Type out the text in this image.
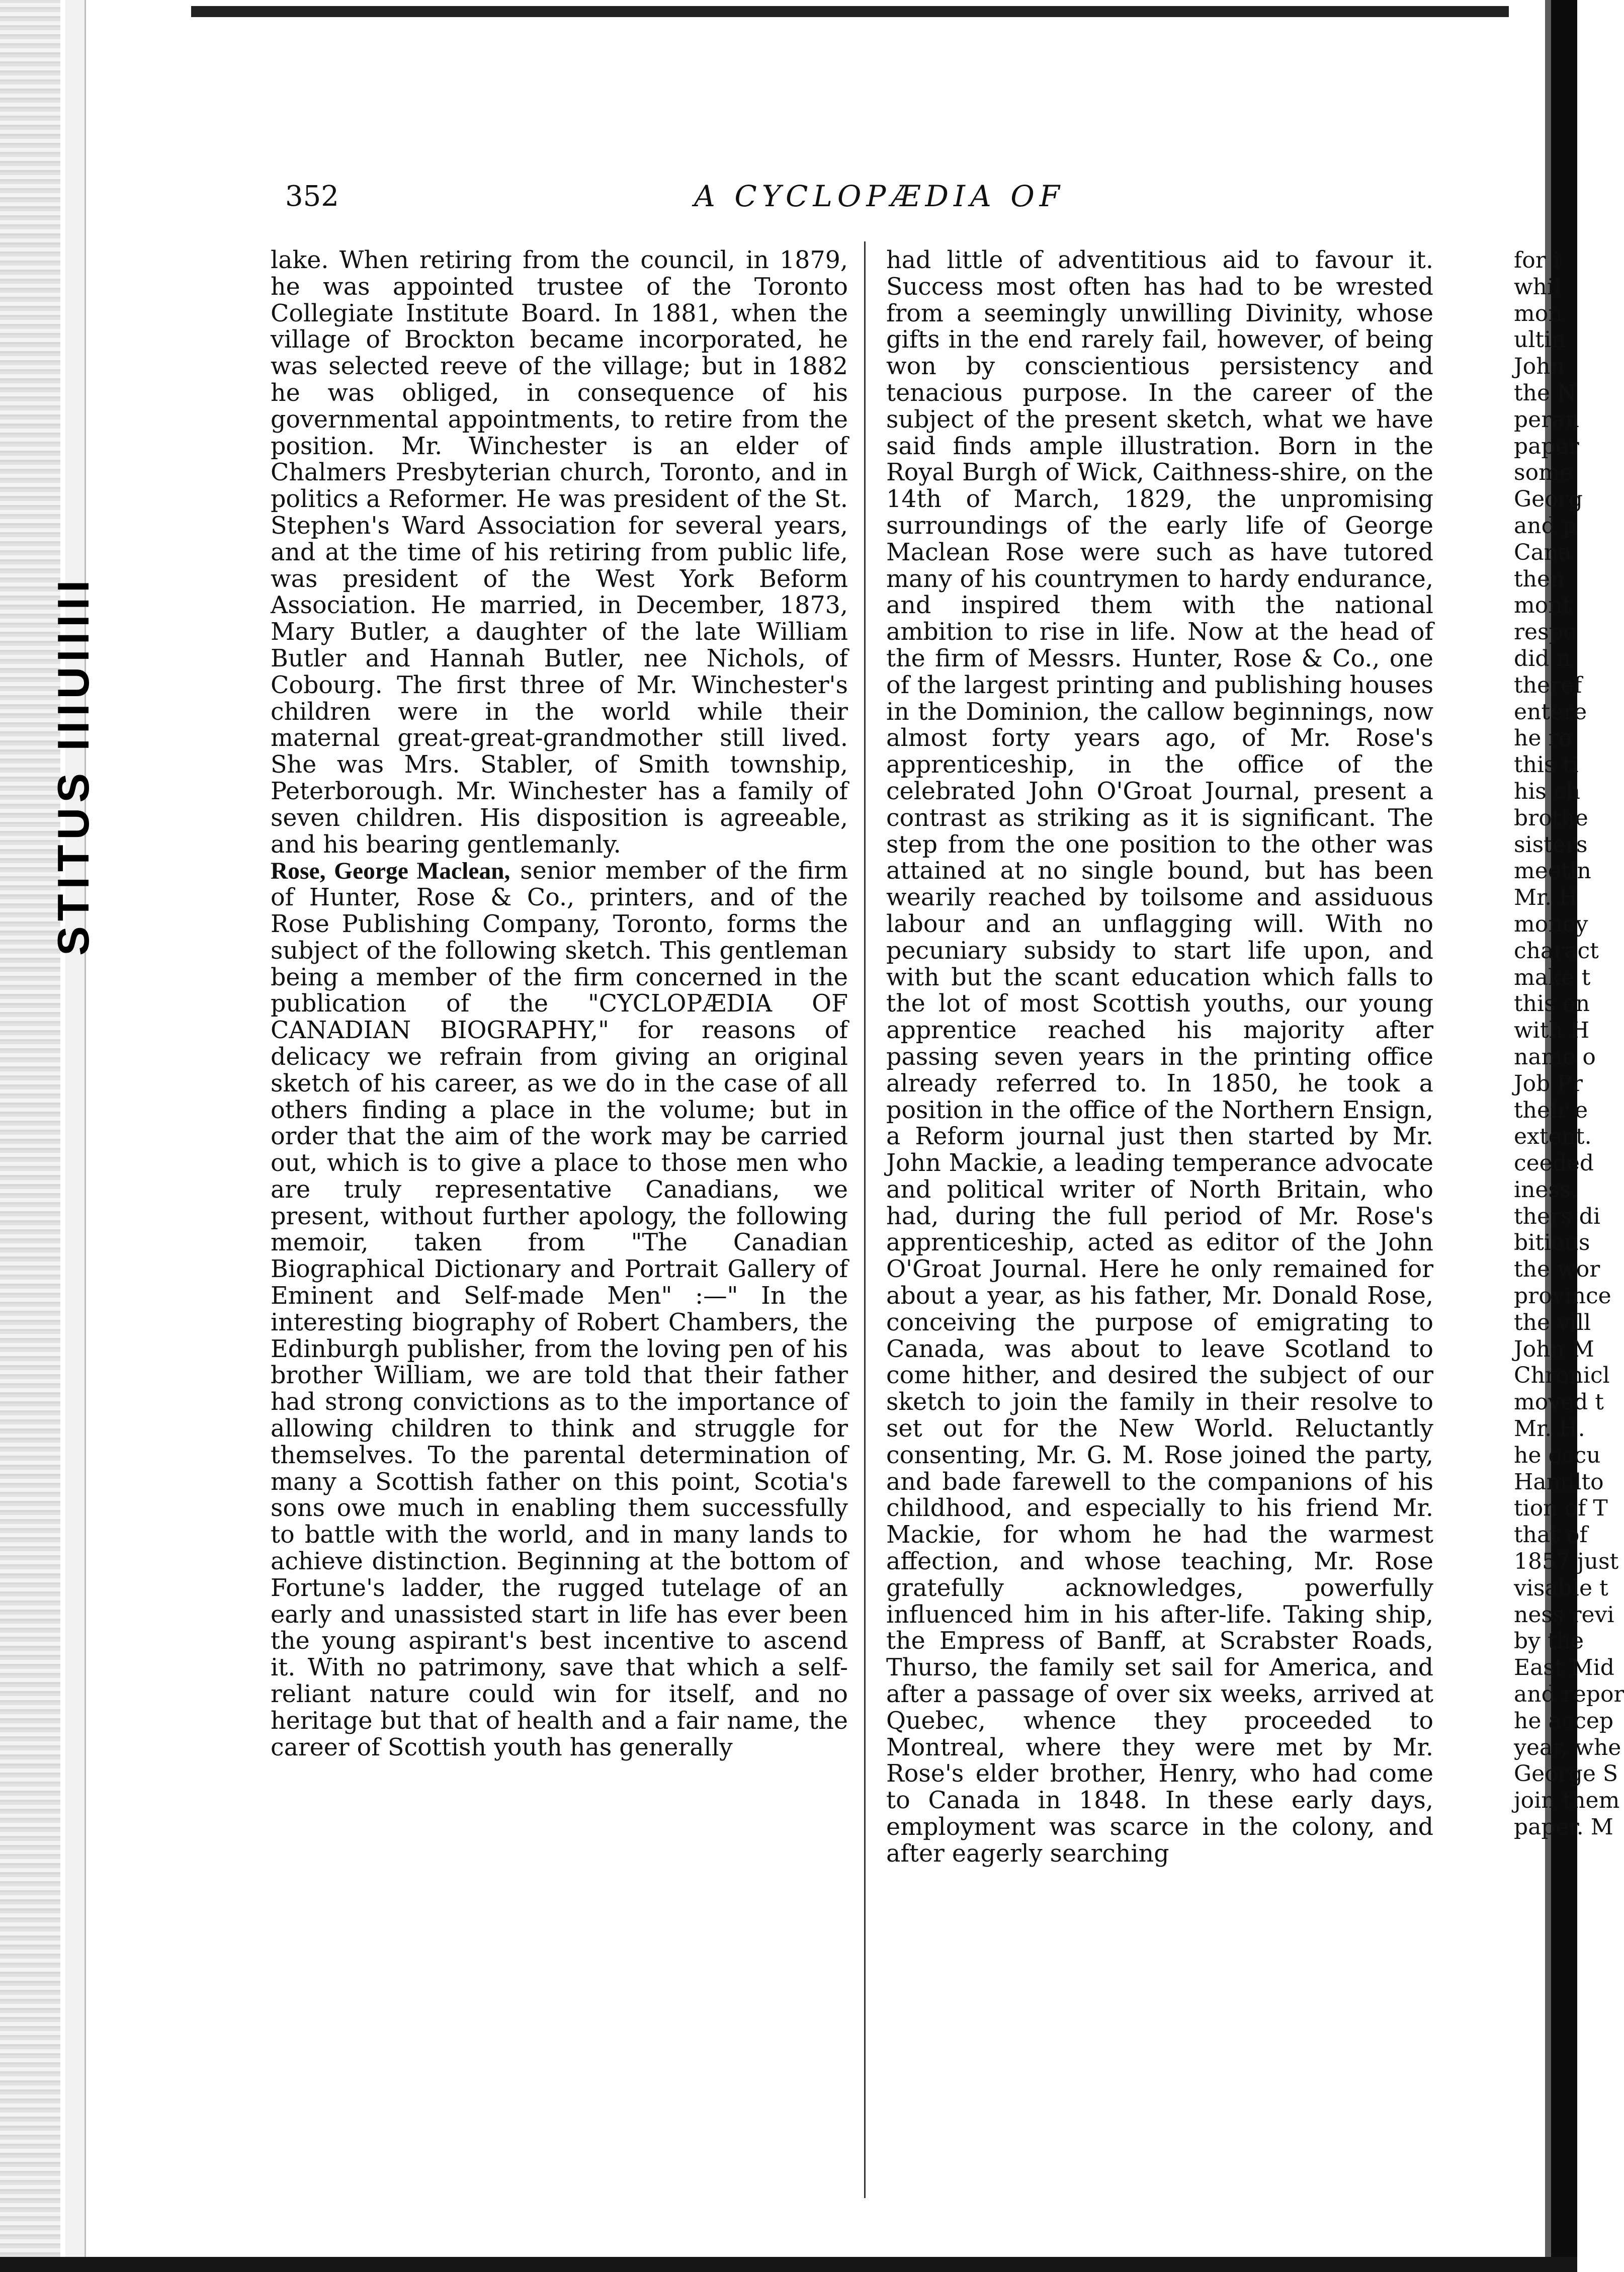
STITUS IIIUIIIII
352	A CYCLOPÆDIA OF

lake. When retiring from the council, in 1879, he was appointed trustee of the Toronto Collegiate Institute Board. In 1881, when the village of Brockton became incorporated, he was selected reeve of the village; but in 1882 he was obliged, in consequence of his governmental appointments, to retire from the position. Mr. Winchester is an elder of Chalmers Presbyterian church, Toronto, and in politics a Reformer. He was president of the St. Stephen's Ward Association for several years, and at the time of his retiring from public life, was president of the West York Beform Association. He married, in December, 1873, Mary Butler, a daughter of the late William Butler and Hannah Butler, nee Nichols, of Cobourg. The first three of Mr. Winchester's children were in the world while their maternal great-great-grandmother still lived. She was Mrs. Stabler, of Smith township, Peterborough. Mr. Winchester has a family of seven children. His disposition is agreeable, and his bearing gentlemanly.

Rose, George Maclean, senior member of the firm of Hunter, Rose & Co., printers, and of the Rose Publishing Company, Toronto, forms the subject of the following sketch. This gentleman being a member of the firm concerned in the publication of the "CYCLOPÆDIA OF CANADIAN BIOGRAPHY," for reasons of delicacy we refrain from giving an original sketch of his career, as we do in the case of all others finding a place in the volume; but in order that the aim of the work may be carried out, which is to give a place to those men who are truly representative Canadians, we present, without further apology, the following memoir, taken from "The Canadian Biographical Dictionary and Portrait Gallery of Eminent and Self-made Men" :—" In the interesting biography of Robert Chambers, the Edinburgh publisher, from the loving pen of his brother William, we are told that their father had strong convictions as to the importance of allowing children to think and struggle for themselves. To the parental determination of many a Scottish father on this point, Scotia's sons owe much in enabling them successfully to battle with the world, and in many lands to achieve distinction. Beginning at the bottom of Fortune's ladder, the rugged tutelage of an early and unassisted start in life has ever been the young aspirant's best incentive to ascend it. With no patrimony, save that which a self-reliant nature could win for itself, and no heritage but that of health and a fair name, the career of Scottish youth has generally

had little of adventitious aid to favour it. Success most often has had to be wrested from a seemingly unwilling Divinity, whose gifts in the end rarely fail, however, of being won by conscientious persistency and tenacious purpose. In the career of the subject of the present sketch, what we have said finds ample illustration. Born in the Royal Burgh of Wick, Caithness-shire, on the 14th of March, 1829, the unpromising surroundings of the early life of George Maclean Rose were such as have tutored many of his countrymen to hardy endurance, and inspired them with the national ambition to rise in life. Now at the head of the firm of Messrs. Hunter, Rose & Co., one of the largest printing and publishing houses in the Dominion, the callow beginnings, now almost forty years ago, of Mr. Rose's apprenticeship, in the office of the celebrated John O'Groat Journal, present a contrast as striking as it is significant. The step from the one position to the other was attained at no single bound, but has been wearily reached by toilsome and assiduous labour and an unflagging will. With no pecuniary subsidy to start life upon, and with but the scant education which falls to the lot of most Scottish youths, our young apprentice reached his majority after passing seven years in the printing office already referred to. In 1850, he took a position in the office of the Northern Ensign, a Reform journal just then started by Mr. John Mackie, a leading temperance advocate and political writer of North Britain, who had, during the full period of Mr. Rose's apprenticeship, acted as editor of the John O'Groat Journal. Here he only remained for about a year, as his father, Mr. Donald Rose, conceiving the purpose of emigrating to Canada, was about to leave Scotland to come hither, and desired the subject of our sketch to join the family in their resolve to set out for the New World. Reluctantly consenting, Mr. G. M. Rose joined the party, and bade farewell to the companions of his childhood, and especially to his friend Mr. Mackie, for whom he had the warmest affection, and whose teaching, Mr. Rose gratefully acknowledges, powerfully influenced him in his after-life. Taking ship, the Empress of Banff, at Scrabster Roads, Thurso, the family set sail for America, and after a passage of over six weeks, arrived at Quebec, whence they proceeded to Montreal, where they were met by Mr. Rose's elder brother, Henry, who had come to Canada in 1848. In these early days, employment was scarce in the colony, and after eagerly searching

for i
whil
mon
ultin
John
the N
peran
paper
some
Georg
and p
Cana
then
mont
respo
did n
theref
entere
he re
this ti
his ch
brothe
sisters
meetin
Mr. H
money
charact
make t
this en
with H
name o
Job Pr
their e
extent.
ceeded
iness.
thers di
bitious
the wor
province
the vill
John M
Chronicl
moved t
Mr. H.
he occu
Hamilto
tion of T
that of
1857 just
visable t
ness revi
by the
East Mid
and repor
he accep
year, whe
George S
join them
paper. M
